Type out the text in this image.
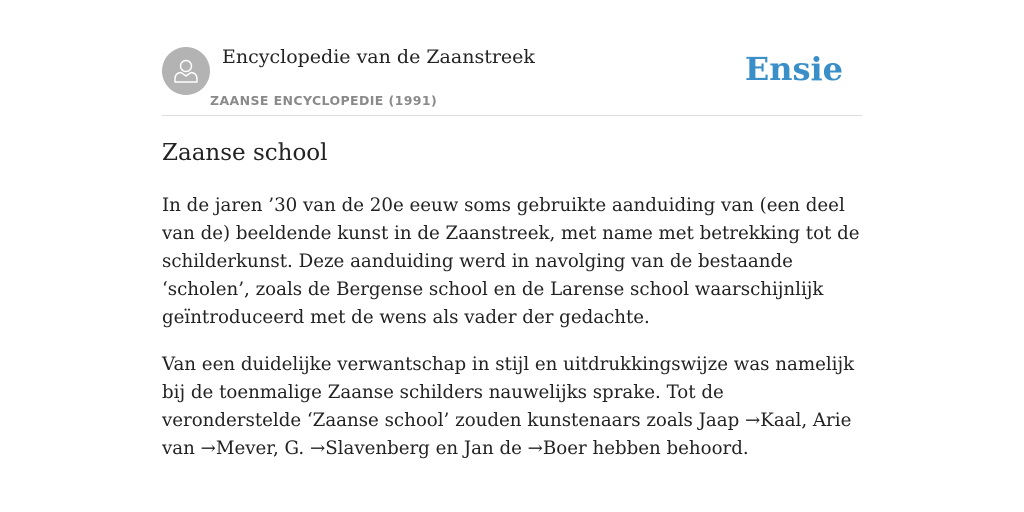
Encyclopedie van de Zaanstreek
ZAANSE ENCYCLOPEDIE (1991)
Ensie
Zaanse school

In de jaren ’30 van de 20e eeuw soms gebruikte aanduiding van (een deel van de) beeldende kunst in de Zaanstreek, met name met betrekking tot de schilderkunst. Deze aanduiding werd in navolging van de bestaande ‘scholen’, zoals de Bergense school en de Larense school waarschijnlijk geïntroduceerd met de wens als vader der gedachte.

Van een duidelijke verwantschap in stijl en uitdrukkingswijze was namelijk bij de toenmalige Zaanse schilders nauwelijks sprake. Tot de veronderstelde ‘Zaanse school’ zouden kunstenaars zoals Jaap →Kaal, Arie van →Mever, G. →Slavenberg en Jan de →Boer hebben behoord.
